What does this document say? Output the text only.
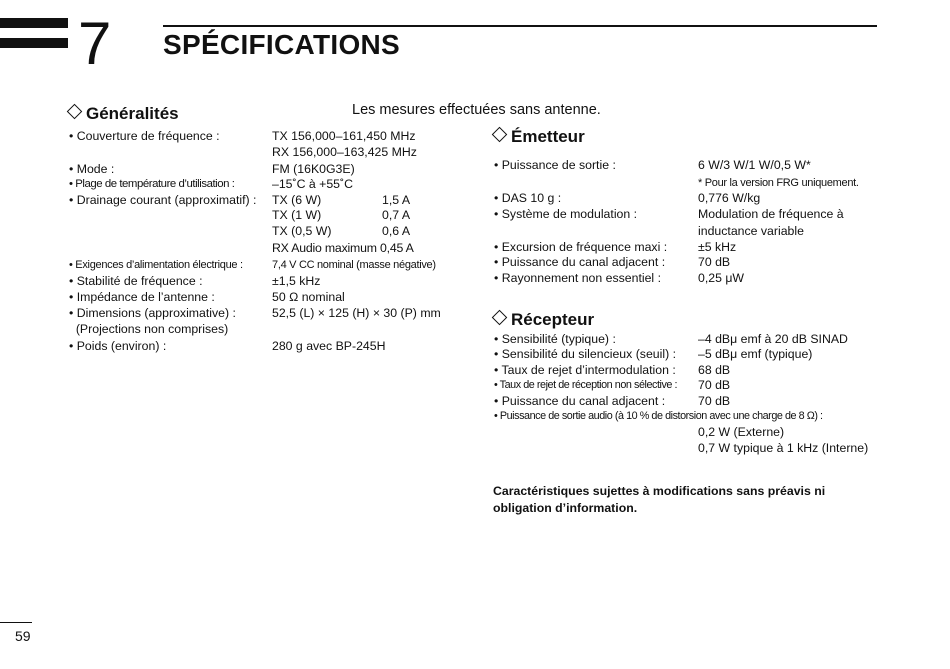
7 SPÉCIFICATIONS
Les mesures effectuées sans antenne.
Généralités
• Couverture de fréquence :	TX 156,000–161,450 MHz
RX 156,000–163,425 MHz
• Mode :	FM (16K0G3E)
• Plage de température d’utilisation :	–15˚C à +55˚C
• Drainage courant (approximatif) : TX (6 W)	1,5 A
TX (1 W)	0,7 A
TX (0,5 W)	0,6 A
RX Audio maximum 0,45 A
• Exigences d’alimentation électrique :	7,4 V CC nominal (masse négative)
• Stabilité de fréquence :	±1,5 kHz
• Impédance de l’antenne :	50 Ω nominal
• Dimensions (approximative) :	52,5 (L) × 125 (H) × 30 (P) mm
(Projections non comprises)
• Poids (environ) :	280 g avec BP-245H
Émetteur
• Puissance de sortie :	6 W/3 W/1 W/0,5 W*
* Pour la version FRG uniquement.
• DAS 10 g :	0,776 W/kg
• Système de modulation :	Modulation de fréquence à
inductance variable
• Excursion de fréquence maxi :	±5 kHz
• Puissance du canal adjacent :	70 dB
• Rayonnement non essentiel :	0,25 μW
Récepteur
• Sensibilité (typique) :	–4 dBμ emf à 20 dB SINAD
• Sensibilité du silencieux (seuil) : –5 dBμ emf (typique)
• Taux de rejet d’intermodulation : 68 dB
• Taux de rejet de réception non sélective : 70 dB
• Puissance du canal adjacent :	70 dB
• Puissance de sortie audio (à 10 % de distorsion avec une charge de 8 Ω) :
0,2 W (Externe)
0,7 W typique à 1 kHz (Interne)
Caractéristiques sujettes à modifications sans préavis ni obligation d’information.
59
